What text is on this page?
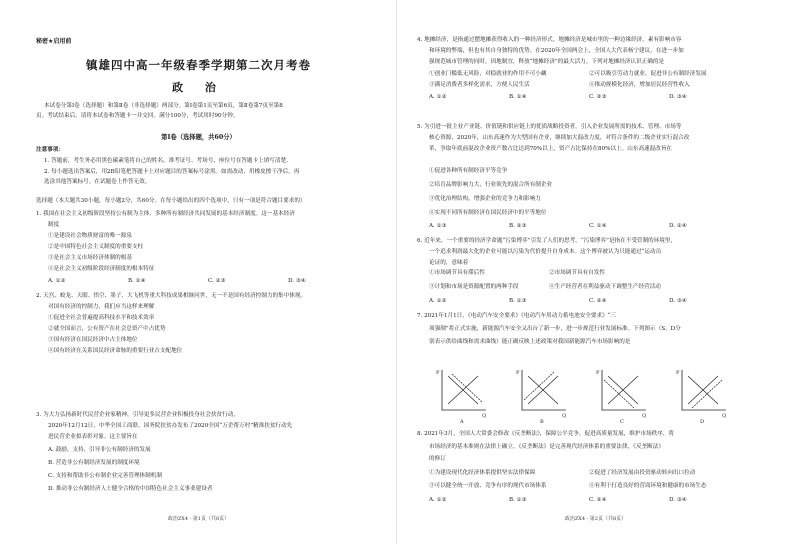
秘密★启用前
镇雄四中高一年级春季学期第二次月考卷
政 治
本试卷分第Ⅰ卷（选择题）和第Ⅱ卷（非选择题）两部分。第Ⅰ卷第1页至第6页，第Ⅱ卷第7页至第8
页。考试结束后，请将本试卷和答题卡一并交回。满分100分，考试用时90分钟。
第Ⅰ卷（选择题，共60分）
注意事项：
1. 答题前，考生务必用黑色碳素笔将自己的姓名、准考证号、考场号、座位号在答题卡上填写清楚。
2. 每小题选出答案后，用2B铅笔把答题卡上对应题目的答案标号涂黑。如需改动，用橡皮擦干净后，再
选涂其他答案标号。在试题卷上作答无效。
选择题（本大题共30小题，每小题2分，共60分。在每小题给出的四个选项中，只有一项是符合题目要求的）
1. 我国在社会主义初级阶段坚持公有制为主体、多种所有制经济共同发展的基本经济制度。这一基本经济
制度
①是建设社会物质财富的唯一源泉
②是中国特色社会主义制度的重要支柱
③是社会主义市场经济体制的根基
④是社会主义初级阶段经济制度的根本特征
A. ①②	B. ①④	C. ②③	D. ③④
2. 天宫、蛟龙、天眼、悟空、墨子、大飞机等重大科技成果相继问世，无一不是国有经济控制力的集中体现。
对国有经济的控制力，我们应当这样来理解
①促进全社会普遍提高科技水平和技术效率
②就全国而言，公有资产在社会总资产中占优势
③国有经济在国民经济中占主体地位
④国有经济在关系国民经济命脉的重要行业占支配地位
3. 为大力弘扬新时代民营企业家精神，引导更多民营企业积极投身社会扶贫行动，
2020年12月12日，中华全国工商联、国务院扶贫办发布了2020全国“万企帮万村”精准扶贫行动先
进民营企业拟表彰对象。这主要旨在
A. 鼓励、支持、引导非公有制经济的发展
B. 营造非公有制经济发展的制度环境
C. 支持和帮助非公有制企业完善管理体制机制
D. 推动非公有制经济人士健全合格的中国特色社会主义事业建设者
政治ZX4 · 第1页（共8页）
4. 地摊经济，是指通过摆地摊获得收入的一种经济形式。地摊经济是城市里的一种边缘经济，素有影响市容
和环境的弊端，但也有其自身独特的优势。在2020年全国两会上，全国人大代表杨宁建议，在进一步加
强规范城市管理的同时，因地制宜，释放“地摊经济”的最大活力。下列对地摊经济认识正确的是
①创业门槛低无风险，对稳就业的作用不可小觑	②可以吸引劳动力就业，促进非公有制经济发展
③满足消费者多样化需求，方便人民生活	④推动规模化经济，增加居民经营性收入
A. ①②	B. ①④	C. ②③	D. ③④
5. 为引进一批主业产业链、价值链和供应链上的优质战略投资者，引入企业发展所需的技术、管理、市场等
核心资源，2020年，山东高速作为大型国有企业，继续加大混改力度，对符合条件的二级企业实行混合改
革，争取年底前混改企业资产数占比达到70%以上，资产占比保持在80%以上。山东高速混改旨在
①促进各种所有制经济平等竞争
②培育品牌影响力大、行业领先的混合所有制企业
③优化治理结构，增强企业的竞争力和影响力
④实现不同所有制经济在国民经济中的平等地位
A. ①③	B. ②③	C. ①④	D. ②④
6. 近年来，一个重要的经济学命题“污染博弈”引发了人们的思考。“污染博弈”是指在不受管制的环境里，
一个追求利润最大化的企业可能以污染为代价提升自身成本。这个博弈被认为只能通过“运动员
论证的，意味着
①市场调节具有滞后性	②市场调节具有自发性
③计划和市场是资源配置的两种手段	④生产经营者在利益驱动下调整生产经营活动
A. ①②	B. ①③	C. ②④	D. ③④
7. 2021年1月1日，《电动汽车安全要求》《电动汽车用动力蓄电池安全要求》“三
项强制”将正式实施，新能源汽车安全又出台了新一步，进一步规范行业发展标准。下列图示（S、D分
别表示供给曲线和需求曲线）能正确反映上述政策对我国新能源汽车市场影响的是
8. 2021年3月，全国人大常委会修改《反垄断法》，保障公平竞争，促进高质量发展，维护市场秩序，将
市场经济的基本准则在法律上确立。《反垄断法》是完善现代经济体系的重要法律，《反垄断法》
的修订
①为建设现代化经济体系提供坚实法律保障	②促进了经济发展由投资驱动转向出口拉动
③可以健全统一开放、竞争有序的现代市场体系	④有利于打造良好的营商环境和健康的市场生态
A. ①②	B. ①③	C. ②④	D. ③④
政治ZX4 · 第2页（共8页）
P
Q
A
P
Q
B
P
Q
C
P
Q
D
